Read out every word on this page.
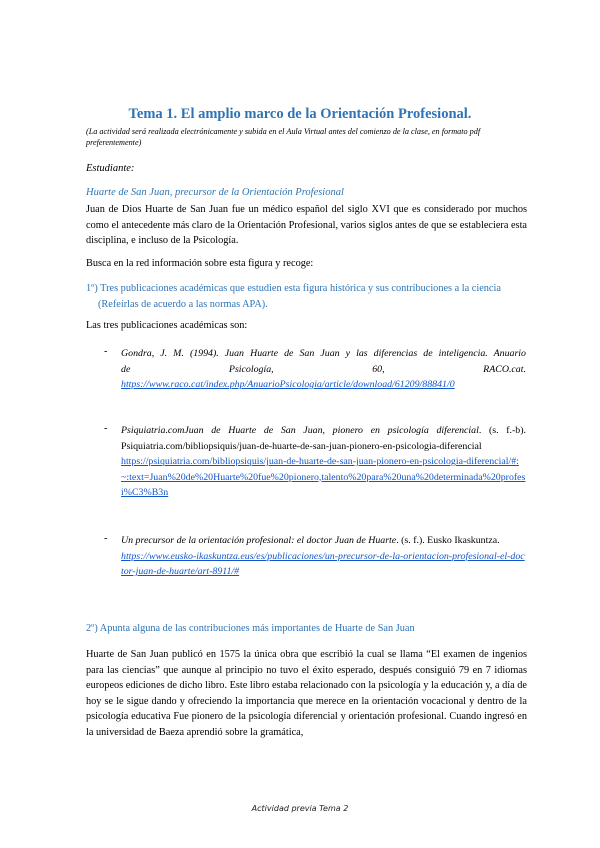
Tema 1. El amplio marco de la Orientación Profesional.
(La actividad será realizada electrónicamente y subida en el Aula Virtual antes del comienzo de la clase, en formato pdf preferentemente)
Estudiante:
Huarte de San Juan, precursor de la Orientación Profesional
Juan de Dios Huarte de San Juan fue un médico español del siglo XVI que es considerado por muchos como el antecedente más claro de la Orientación Profesional, varios siglos antes de que se estableciera esta disciplina, e incluso de la Psicología.
Busca en la red información sobre esta figura y recoge:
1º) Tres publicaciones académicas que estudien esta figura histórica y sus contribuciones a la ciencia (Refeírlas de acuerdo a las normas APA).
Las tres publicaciones académicas son:
- Gondra, J. M. (1994). Juan Huarte de San Juan y las diferencias de inteligencia. Anuario
de	Psicología,	60,	RACO.cat.
https://www.raco.cat/index.php/AnuarioPsicologia/article/download/61209/88841/0
- Psiquiatria.comJuan de Huarte de San Juan, pionero en psicología diferencial. (s. f.-b). Psiquiatria.com/bibliopsiquis/juan-de-huarte-de-san-juan-pionero-en-psicologia-diferencial
https://psiquiatria.com/bibliopsiquis/juan-de-huarte-de-san-juan-pionero-en-psicologia-diferencial/#:~:text=Juan%20de%20Huarte%20fue%20pionero,talento%20para%20una%20determinada%20profesi%C3%B3n
- Un precursor de la orientación profesional: el doctor Juan de Huarte. (s. f.). Eusko Ikaskuntza.
https://www.eusko-ikaskuntza.eus/es/publicaciones/un-precursor-de-la-orientacion-profesional-el-doctor-juan-de-huarte/art-8911/#
2º) Apunta alguna de las contribuciones más importantes de Huarte de San Juan
Huarte de San Juan publicó en 1575 la única obra que escribió la cual se llama “El examen de ingenios para las ciencias” que aunque al principio no tuvo el éxito esperado, después consiguió 79 en 7 idiomas europeos ediciones de dicho libro. Este libro estaba relacionado con la psicología y la educación y, a día de hoy se le sigue dando y ofreciendo la importancia que merece en la orientación vocacional y dentro de la psicología educativa Fue pionero de la psicología diferencial y orientación profesional. Cuando ingresó en la universidad de Baeza aprendió sobre la gramática,
Actividad previa Tema 2
